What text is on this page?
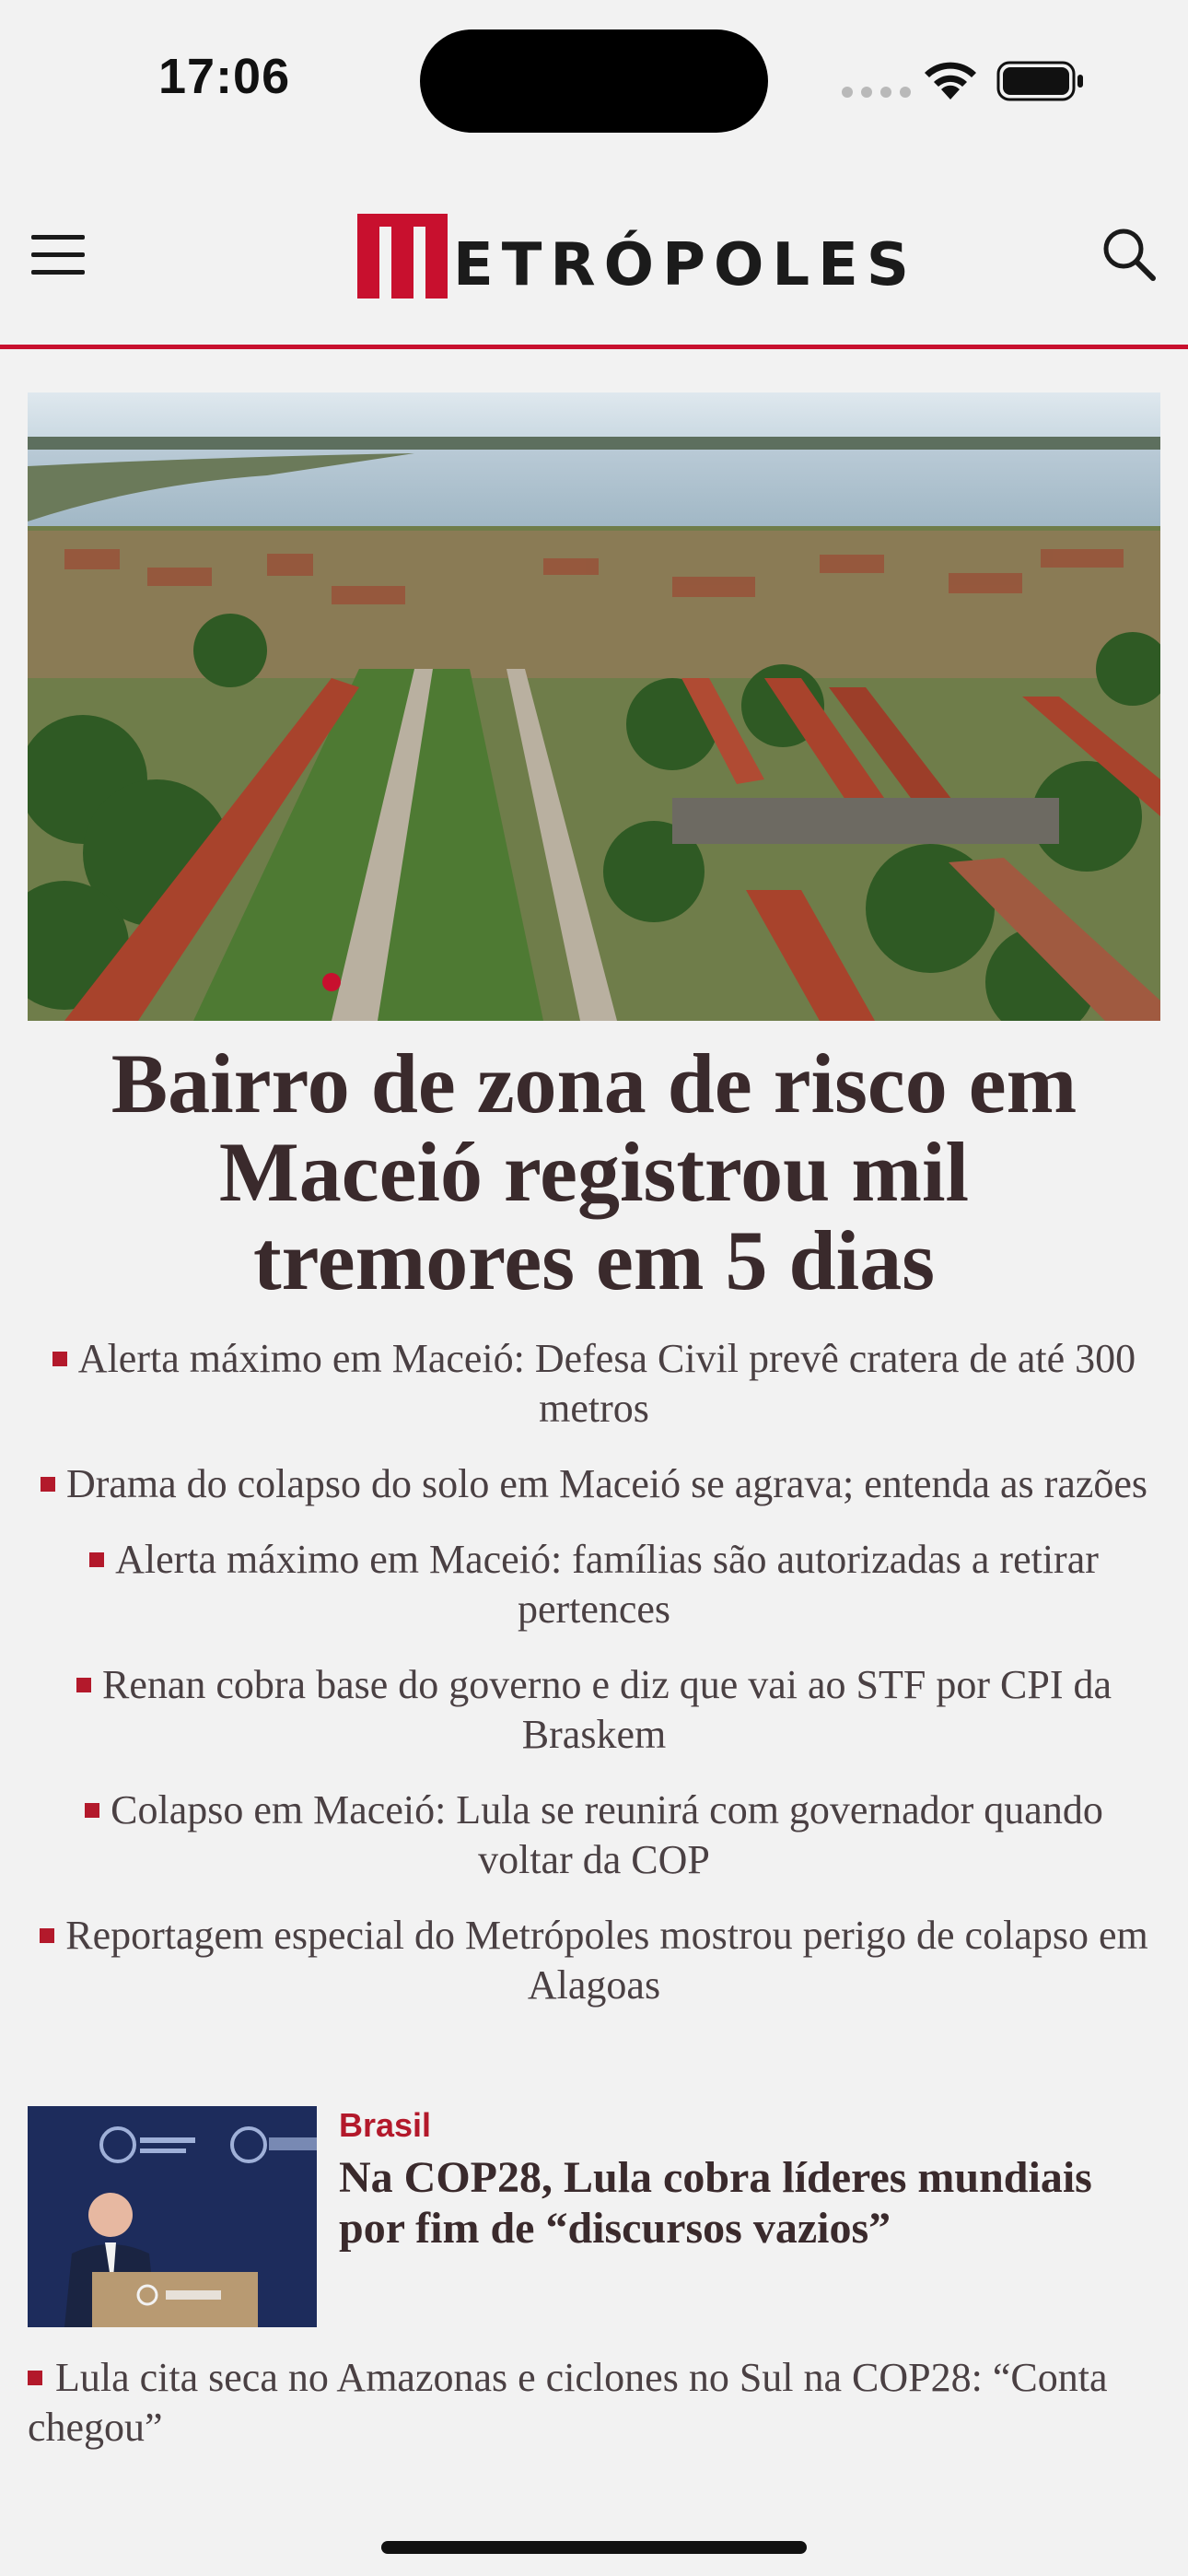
17:06
ETRÓPOLES
Bairro de zona de risco em Maceió registrou mil tremores em 5 dias
Alerta máximo em Maceió: Defesa Civil prevê cratera de até 300 metros
Drama do colapso do solo em Maceió se agrava; entenda as razões
Alerta máximo em Maceió: famílias são autorizadas a retirar pertences
Renan cobra base do governo e diz que vai ao STF por CPI da Braskem
Colapso em Maceió: Lula se reunirá com governador quando voltar da COP
Reportagem especial do Metrópoles mostrou perigo de colapso em Alagoas
Brasil
Na COP28, Lula cobra líderes mundiais por fim de “discursos vazios”
Lula cita seca no Amazonas e ciclones no Sul na COP28: “Conta chegou”
